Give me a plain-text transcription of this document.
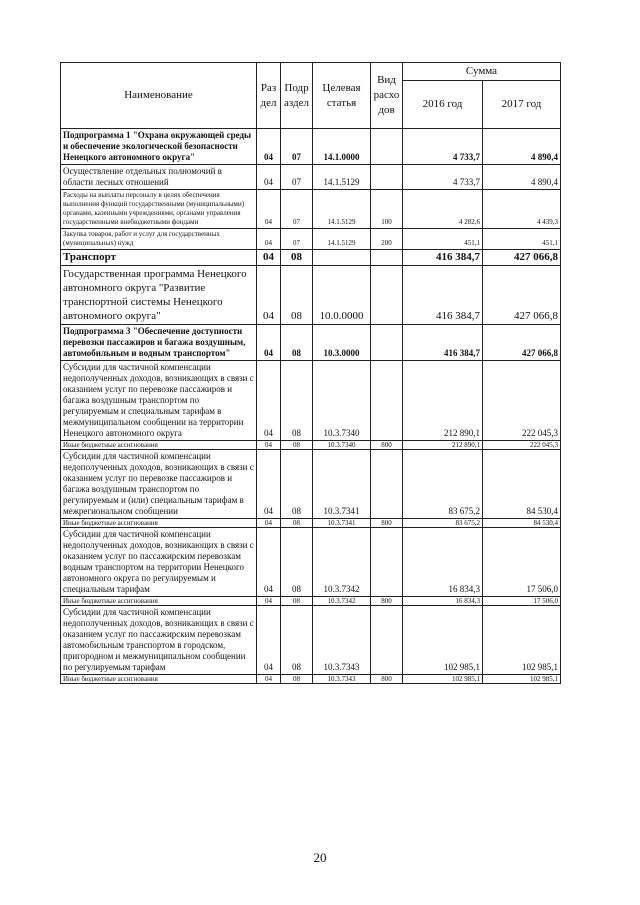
Наименование	Раз дел	Подр аздел	Целевая статья	Вид расхо дов	Сумма	
					2016 год	2017 год
Подпрограмма 1 "Охрана окружающей среды и обеспечение экологической безопасности Ненецкого автономного округа"	04	07	14.1.0000		4 733,7	4 890,4
Осуществление отдельных полномочий в области лесных отношений	04	07	14.1.5129		4 733,7	4 890,4
Расходы на выплаты персоналу в целях обеспечения выполнения функций государственными (муниципальными) органами, казенными учреждениями, органами управления государственными внебюджетными фондами	04	07	14.1.5129	100	4 282,6	4 439,3
Закупка товаров, работ и услуг для государственных (муниципальных) нужд	04	07	14.1.5129	200	451,1	451,1
Транспорт	04	08			416 384,7	427 066,8
Государственная программа Ненецкого автономного округа "Развитие транспортной системы Ненецкого автономного округа"	04	08	10.0.0000		416 384,7	427 066,8
Подпрограмма 3 "Обеспечение доступности перевозки пассажиров и багажа воздушным, автомобильным и водным транспортом"	04	08	10.3.0000		416 384,7	427 066,8
Субсидии для частичной компенсации недополученных доходов, возникающих в связи с оказанием услуг по перевозке пассажиров и багажа воздушным транспортом по регулируемым и специальным тарифам в межмуниципальном сообщении на территории Ненецкого автономного округа	04	08	10.3.7340		212 890,1	222 045,3
Иные бюджетные ассигнования	04	08	10.3.7340	800	212 890,1	222 045,3
Субсидии для частичной компенсации недополученных доходов, возникающих в связи с оказанием услуг по перевозке пассажиров и багажа воздушным транспортом по регулируемым и (или) специальным тарифам в межрегиональном сообщении	04	08	10.3.7341		83 675,2	84 530,4
Иные бюджетные ассигнования	04	08	10.3.7341	800	83 675,2	84 530,4
Субсидии для частичной компенсации недополученных доходов, возникающих в связи с оказанием услуг по пассажирским перевозкам водным транспортом на территории Ненецкого автономного округа по регулируемым и специальным тарифам	04	08	10.3.7342		16 834,3	17 506,0
Иные бюджетные ассигнования	04	08	10.3.7342	800	16 834,3	17 506,0
Субсидии для частичной компенсации недополученных доходов, возникающих в связи с оказанием услуг по пассажирским перевозкам автомобильным транспортом в городском, пригородном и межмуниципальном сообщении по регулируемым тарифам	04	08	10.3.7343		102 985,1	102 985,1
Иные бюджетные ассигнования	04	08	10.3.7343	800	102 985,1	102 985,1
20
